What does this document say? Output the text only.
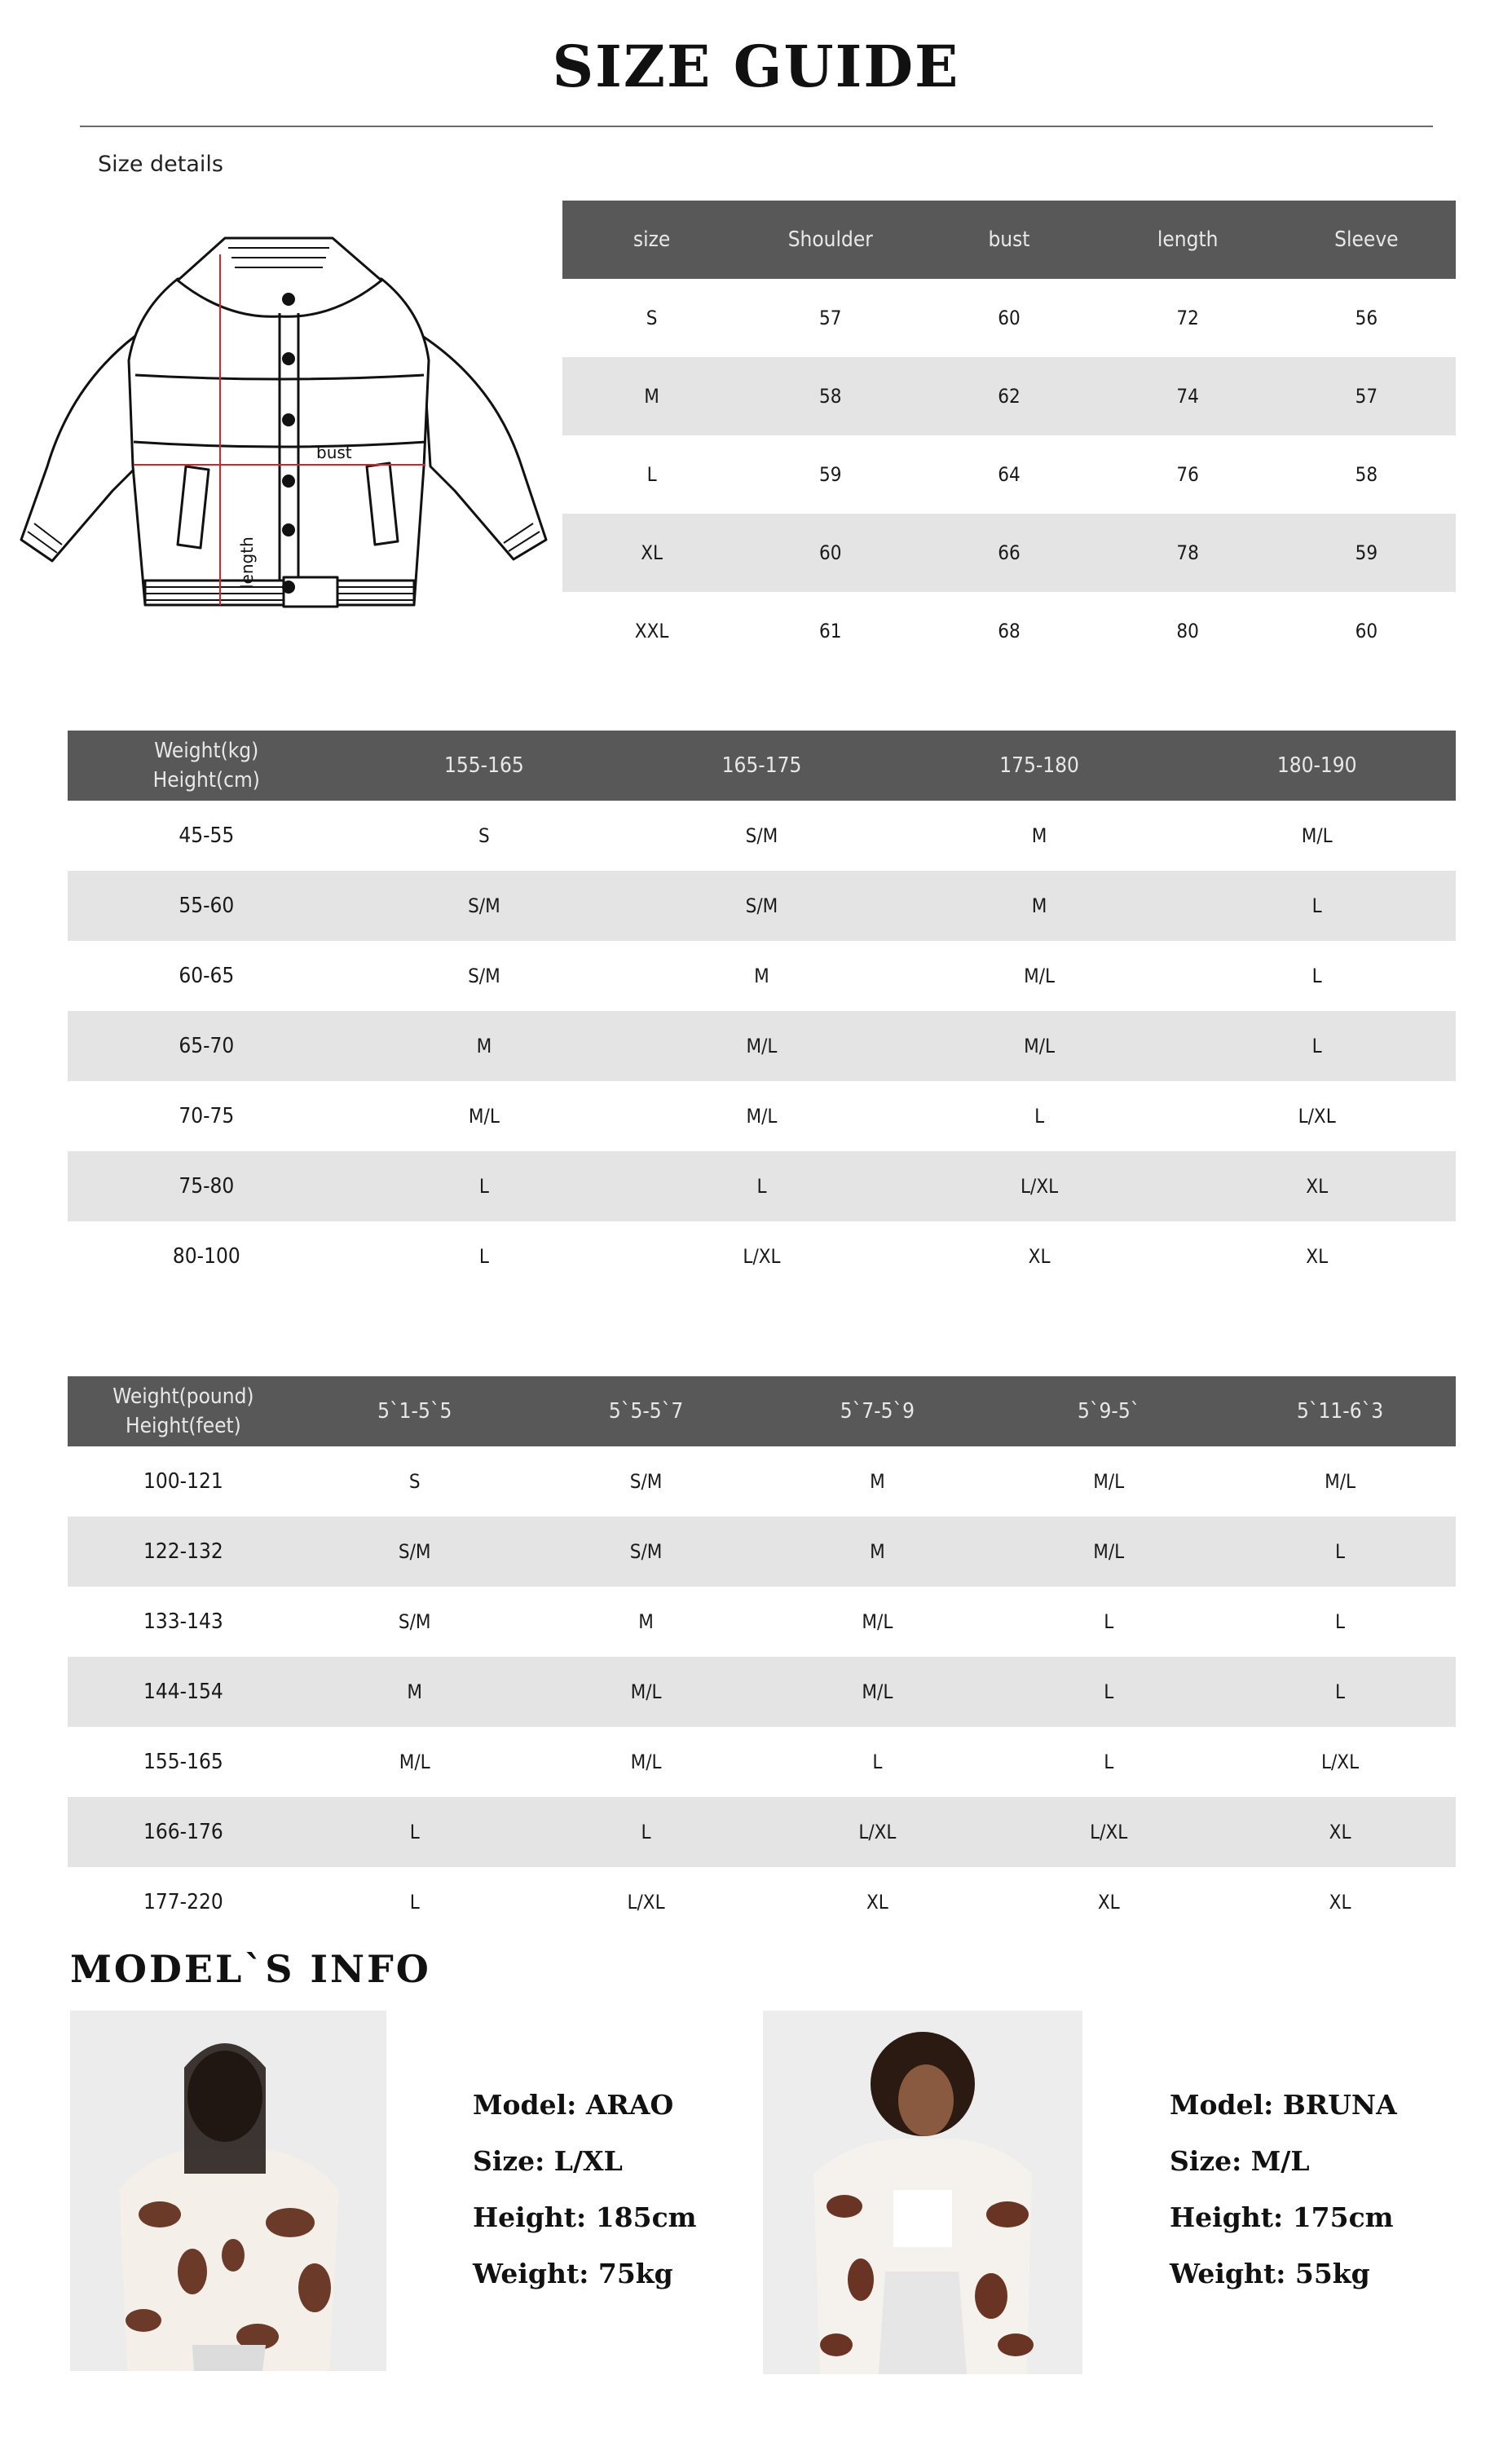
SIZE GUIDE
Size details
bust
length
size	Shoulder	bust	length	Sleeve
S	57	60	72	56
M	58	62	74	57
L	59	64	76	58
XL	60	66	78	59
XXL	61	68	80	60
Weight(kg)
Height(cm)	155-165	165-175	175-180	180-190
45-55	S	S/M	M	M/L
55-60	S/M	S/M	M	L
60-65	S/M	M	M/L	L
65-70	M	M/L	M/L	L
70-75	M/L	M/L	L	L/XL
75-80	L	L	L/XL	XL
80-100	L	L/XL	XL	XL
Weight(pound)
Height(feet)	5`1-5`5	5`5-5`7	5`7-5`9	5`9-5`	5`11-6`3
100-121	S	S/M	M	M/L	M/L
122-132	S/M	S/M	M	M/L	L
133-143	S/M	M	M/L	L	L
144-154	M	M/L	M/L	L	L
155-165	M/L	M/L	L	L	L/XL
166-176	L	L	L/XL	L/XL	XL
177-220	L	L/XL	XL	XL	XL
MODEL`S INFO
Model: ARAO
Size: L/XL
Height: 185cm
Weight: 75kg
Model: BRUNA
Size: M/L
Height: 175cm
Weight: 55kg
